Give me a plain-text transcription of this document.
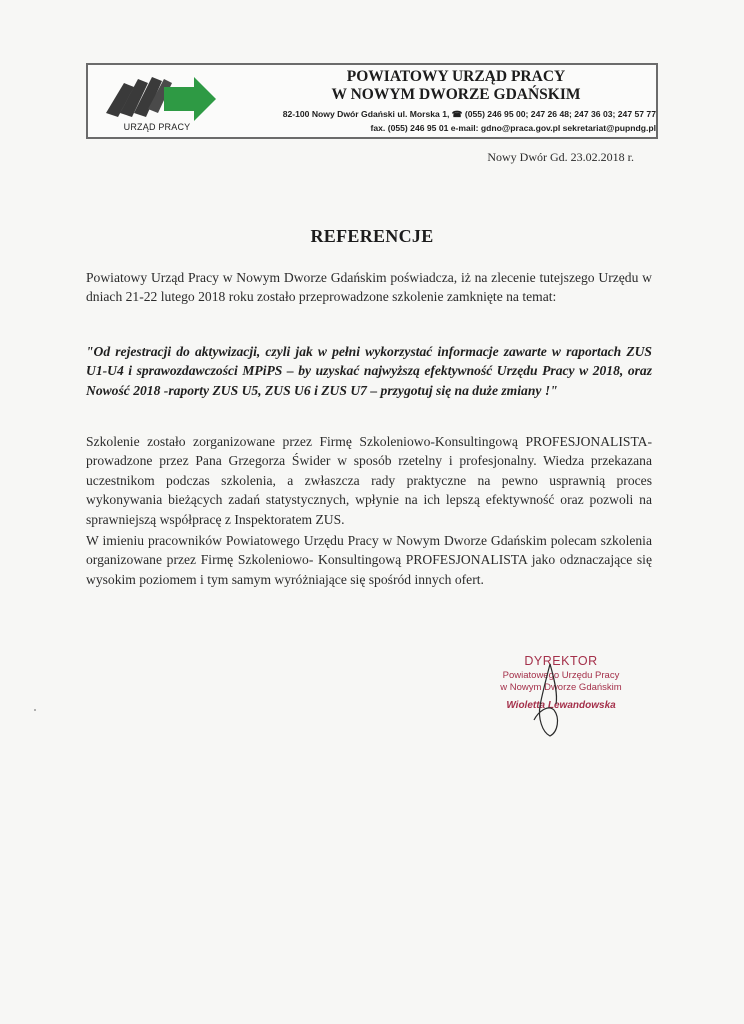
URZĄD PRACY
POWIATOWY URZĄD PRACY
W NOWYM DWORZE GDAŃSKIM
82-100 Nowy Dwór Gdański ul. Morska 1, ☎ (055) 246 95 00; 247 26 48; 247 36 03; 247 57 77
fax. (055) 246 95 01 e-mail: gdno@praca.gov.pl sekretariat@pupndg.pl
Nowy Dwór Gd. 23.02.2018 r.
REFERENCJE
Powiatowy Urząd Pracy w Nowym Dworze Gdańskim poświadcza, iż na zlecenie tutejszego Urzędu w dniach 21-22 lutego 2018 roku zostało przeprowadzone szkolenie zamknięte na temat:
"Od rejestracji do aktywizacji, czyli jak w pełni wykorzystać informacje zawarte w raportach ZUS U1-U4 i sprawozdawczości MPiPS – by uzyskać najwyższą efektywność Urzędu Pracy w 2018, oraz Nowość 2018 -raporty ZUS U5, ZUS U6 i ZUS U7 – przygotuj się na duże zmiany !"
Szkolenie zostało zorganizowane przez Firmę Szkoleniowo-Konsultingową PROFESJONALISTA- prowadzone przez Pana Grzegorza Świder w sposób rzetelny i profesjonalny. Wiedza przekazana uczestnikom podczas szkolenia, a zwłaszcza rady praktyczne na pewno usprawnią proces wykonywania bieżących zadań statystycznych, wpłynie na ich lepszą efektywność oraz pozwoli na sprawniejszą współpracę z Inspektoratem ZUS.
W imieniu pracowników Powiatowego Urzędu Pracy w Nowym Dworze Gdańskim polecam szkolenia organizowane przez Firmę Szkoleniowo- Konsultingową PROFESJONALISTA jako odznaczające się wysokim poziomem i tym samym wyróżniające się spośród innych ofert.
DYREKTOR
Powiatowego Urzędu Pracy
w Nowym Dworze Gdańskim
Wioletta Lewandowska
